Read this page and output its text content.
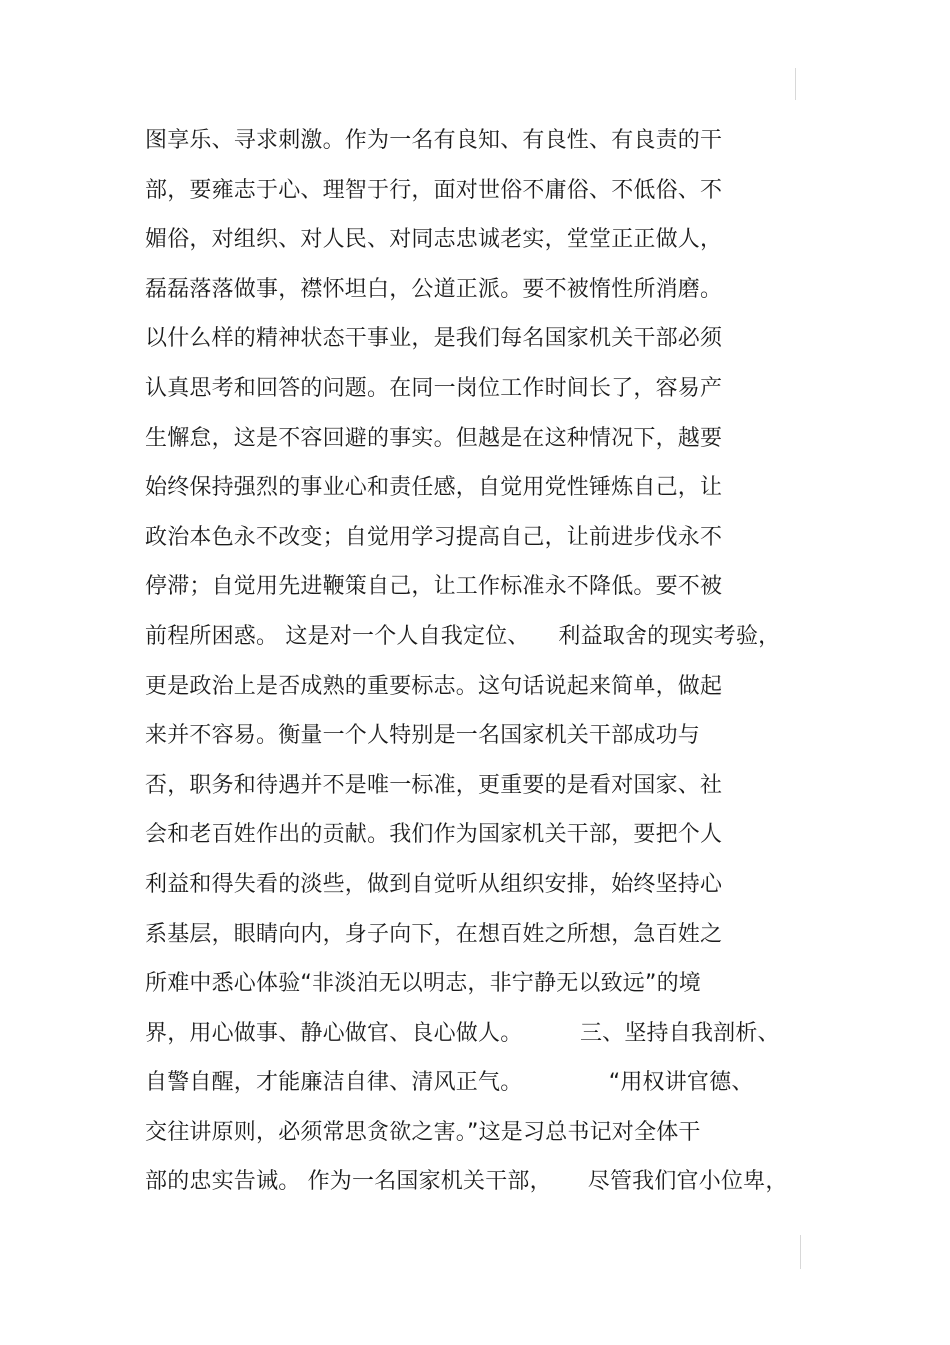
图享乐、寻求刺激。作为一名有良知、有良性、有良责的干
部，要雍志于心、理智于行，面对世俗不庸俗、不低俗、不
媚俗，对组织、对人民、对同志忠诚老实，堂堂正正做人，
磊磊落落做事，襟怀坦白，公道正派。要不被惰性所消磨。
以什么样的精神状态干事业，是我们每名国家机关干部必须
认真思考和回答的问题。在同一岗位工作时间长了，容易产
生懈怠，这是不容回避的事实。但越是在这种情况下，越要
始终保持强烈的事业心和责任感，自觉用党性锤炼自己，让
政治本色永不改变；自觉用学习提高自己，让前进步伐永不
停滞；自觉用先进鞭策自己，让工作标准永不降低。要不被
前程所困惑。 这是对一个人自我定位、    利益取舍的现实考验，
更是政治上是否成熟的重要标志。这句话说起来简单，做起
来并不容易。衡量一个人特别是一名国家机关干部成功与
否，职务和待遇并不是唯一标准，更重要的是看对国家、社
会和老百姓作出的贡献。我们作为国家机关干部，要把个人
利益和得失看的淡些，做到自觉听从组织安排，始终坚持心
系基层，眼睛向内，身子向下，在想百姓之所想，急百姓之
所难中悉心体验“非淡泊无以明志，非宁静无以致远”的境
界，用心做事、静心做官、良心做人。        三、坚持自我剖析、
自警自醒，才能廉洁自律、清风正气。            “用权讲官德、
交往讲原则，必须常思贪欲之害。”这是习总书记对全体干
部的忠实告诫。 作为一名国家机关干部，     尽管我们官小位卑，
